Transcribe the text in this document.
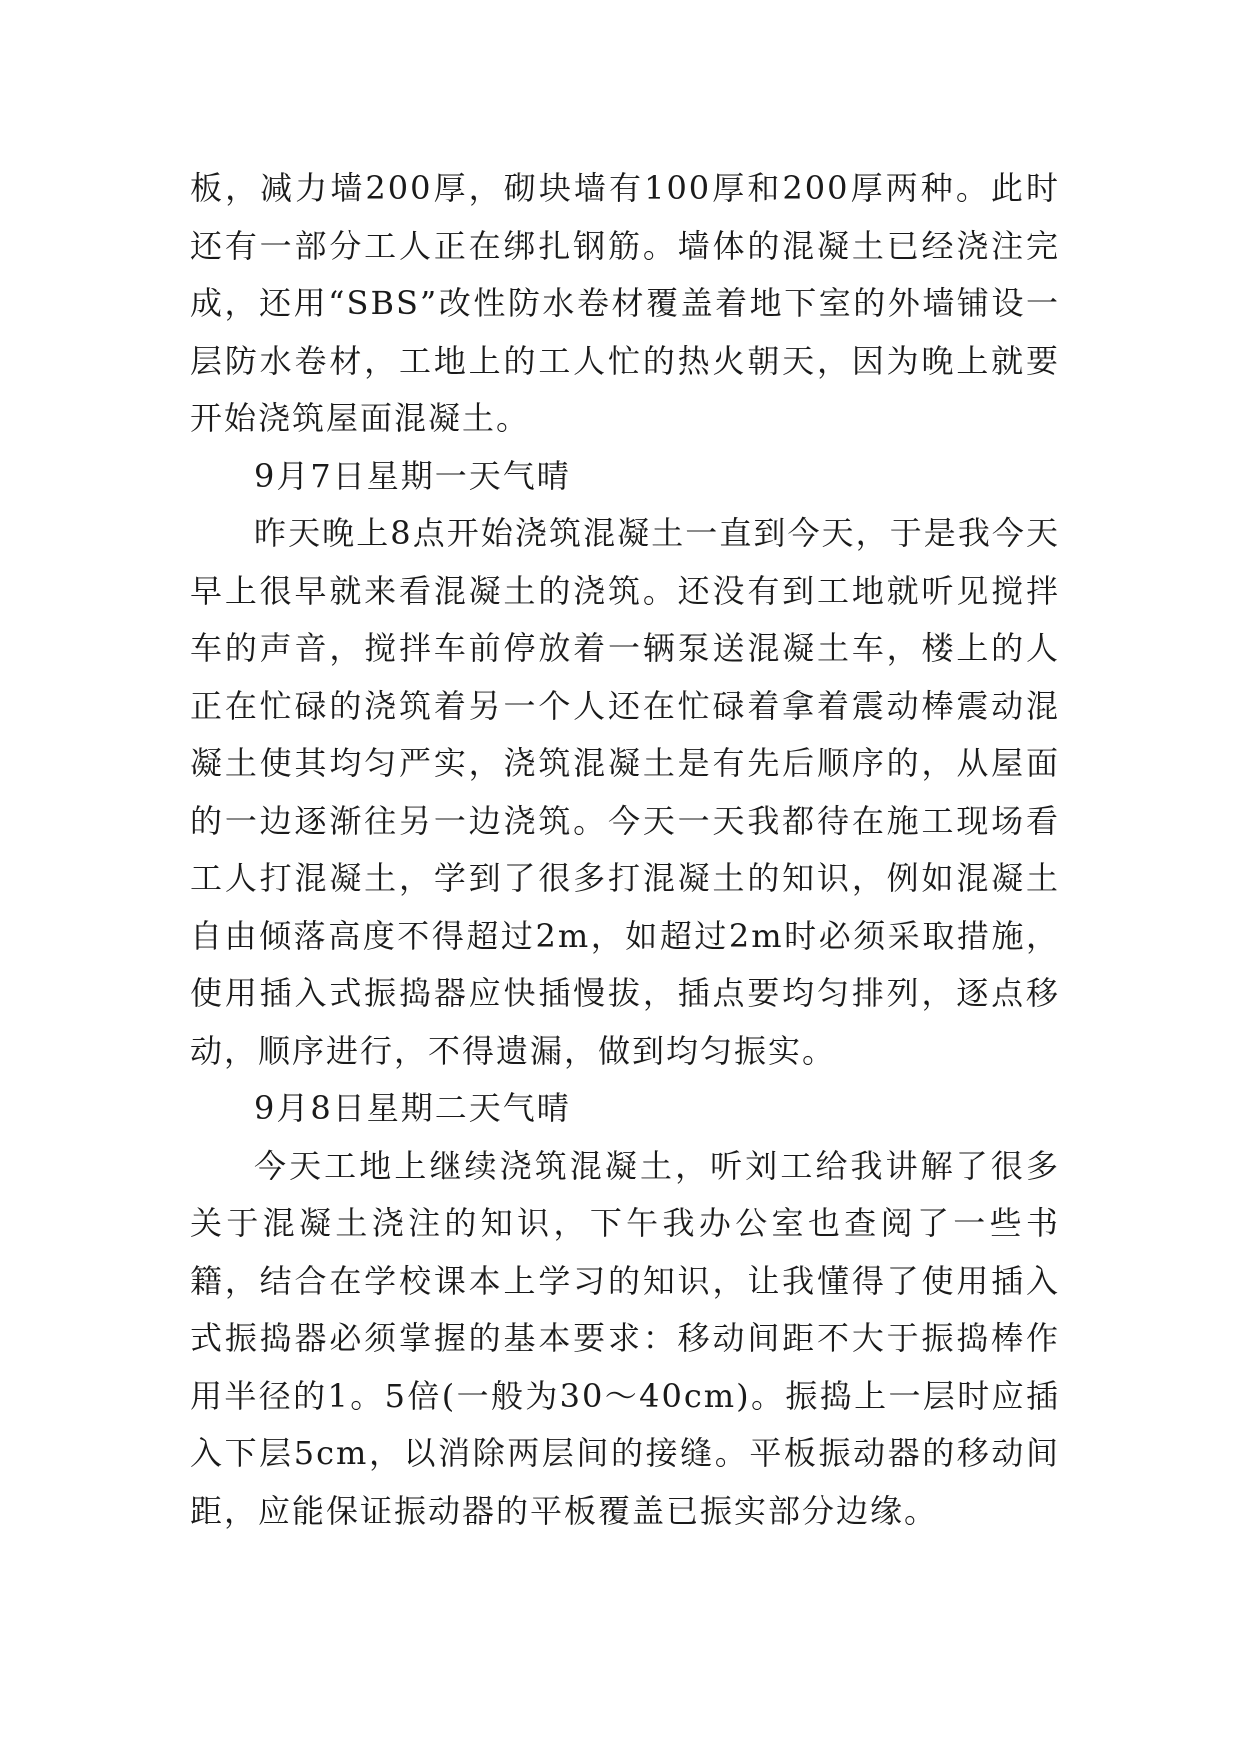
板，减力墙200厚，砌块墙有100厚和200厚两种。此时还有一部分工人正在绑扎钢筋。墙体的混凝土已经浇注完成，还用“SBS”改性防水卷材覆盖着地下室的外墙铺设一层防水卷材，工地上的工人忙的热火朝天，因为晚上就要开始浇筑屋面混凝土。

9月7日星期一天气晴

昨天晚上8点开始浇筑混凝土一直到今天，于是我今天早上很早就来看混凝土的浇筑。还没有到工地就听见搅拌车的声音，搅拌车前停放着一辆泵送混凝土车，楼上的人正在忙碌的浇筑着另一个人还在忙碌着拿着震动棒震动混凝土使其均匀严实，浇筑混凝土是有先后顺序的，从屋面的一边逐渐往另一边浇筑。今天一天我都待在施工现场看工人打混凝土，学到了很多打混凝土的知识，例如混凝土自由倾落高度不得超过2m，如超过2m时必须采取措施，使用插入式振捣器应快插慢拔，插点要均匀排列，逐点移动，顺序进行，不得遗漏，做到均匀振实。

9月8日星期二天气晴

今天工地上继续浇筑混凝土，听刘工给我讲解了很多关于混凝土浇注的知识，下午我办公室也查阅了一些书籍，结合在学校课本上学习的知识，让我懂得了使用插入式振捣器必须掌握的基本要求：移动间距不大于振捣棒作用半径的1。5倍(一般为30～40cm)。振捣上一层时应插入下层5cm，以消除两层间的接缝。平板振动器的移动间距，应能保证振动器的平板覆盖已振实部分边缘。
